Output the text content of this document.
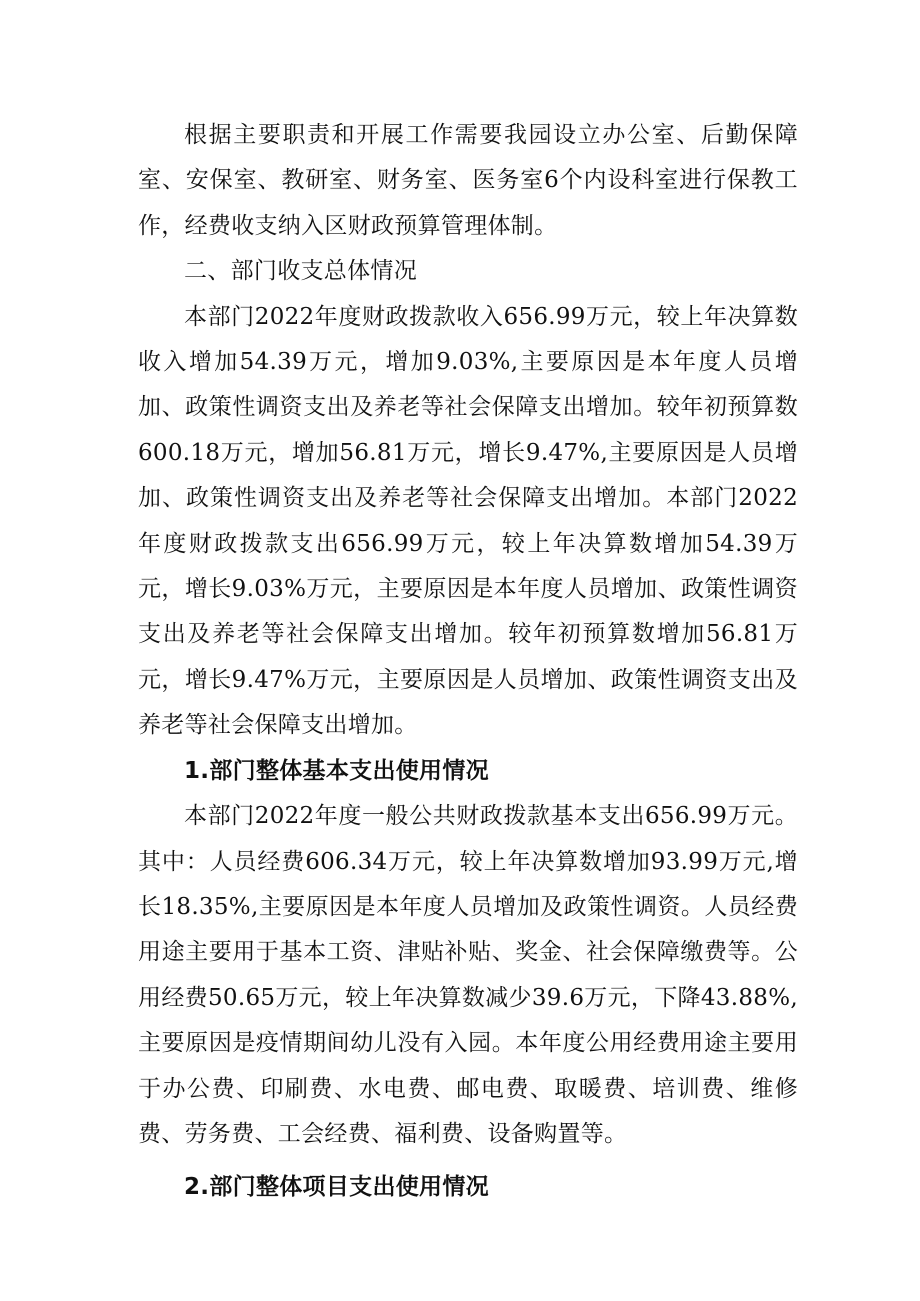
根据主要职责和开展工作需要我园设立办公室、后勤保障室、安保室、教研室、财务室、医务室6个内设科室进行保教工作，经费收支纳入区财政预算管理体制。

二、部门收支总体情况

本部门2022年度财政拨款收入656.99万元，较上年决算数收入增加54.39万元，增加9.03%,主要原因是本年度人员增加、政策性调资支出及养老等社会保障支出增加。较年初预算数600.18万元，增加56.81万元，增长9.47%,主要原因是人员增加、政策性调资支出及养老等社会保障支出增加。本部门2022年度财政拨款支出656.99万元，较上年决算数增加54.39万元，增长9.03%万元，主要原因是本年度人员增加、政策性调资支出及养老等社会保障支出增加。较年初预算数增加56.81万元，增长9.47%万元，主要原因是人员增加、政策性调资支出及养老等社会保障支出增加。

1.部门整体基本支出使用情况

本部门2022年度一般公共财政拨款基本支出656.99万元。其中：人员经费606.34万元，较上年决算数增加93.99万元,增长18.35%,主要原因是本年度人员增加及政策性调资。人员经费用途主要用于基本工资、津贴补贴、奖金、社会保障缴费等。公用经费50.65万元，较上年决算数减少39.6万元，下降43.88%,主要原因是疫情期间幼儿没有入园。本年度公用经费用途主要用于办公费、印刷费、水电费、邮电费、取暖费、培训费、维修费、劳务费、工会经费、福利费、设备购置等。

2.部门整体项目支出使用情况
